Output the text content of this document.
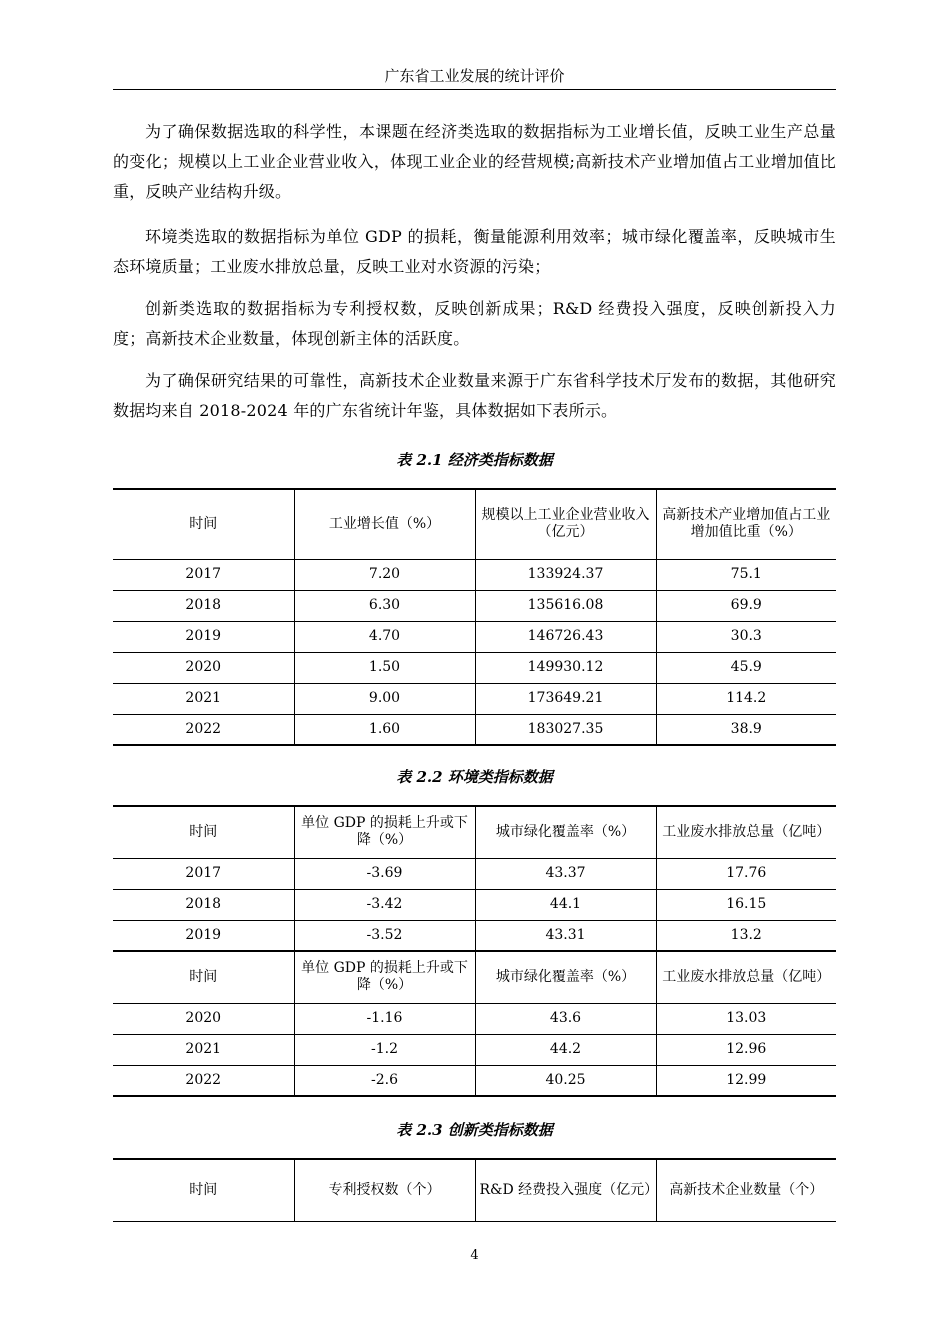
广东省工业发展的统计评价

为了确保数据选取的科学性，本课题在经济类选取的数据指标为工业增长值，反映工业生产总量的变化；规模以上工业企业营业收入，体现工业企业的经营规模;高新技术产业增加值占工业增加值比重，反映产业结构升级。

环境类选取的数据指标为单位 GDP 的损耗，衡量能源利用效率；城市绿化覆盖率，反映城市生态环境质量；工业废水排放总量，反映工业对水资源的污染；

创新类选取的数据指标为专利授权数，反映创新成果；R&D 经费投入强度，反映创新投入力度；高新技术企业数量，体现创新主体的活跃度。

为了确保研究结果的可靠性，高新技术企业数量来源于广东省科学技术厅发布的数据，其他研究数据均来自 2018-2024 年的广东省统计年鉴，具体数据如下表所示。

表 2.1 经济类指标数据
时间	工业增长值（%）	规模以上工业企业营业收入（亿元）	高新技术产业增加值占工业增加值比重（%）
2017	7.20	133924.37	75.1
2018	6.30	135616.08	69.9
2019	4.70	146726.43	30.3
2020	1.50	149930.12	45.9
2021	9.00	173649.21	114.2
2022	1.60	183027.35	38.9
表 2.2 环境类指标数据
时间	单位 GDP 的损耗上升或下降（%）	城市绿化覆盖率（%）	工业废水排放总量（亿吨）
2017	-3.69	43.37	17.76
2018	-3.42	44.1	16.15
2019	-3.52	43.31	13.2
时间	单位 GDP 的损耗上升或下降（%）	城市绿化覆盖率（%）	工业废水排放总量（亿吨）
2020	-1.16	43.6	13.03
2021	-1.2	44.2	12.96
2022	-2.6	40.25	12.99
表 2.3 创新类指标数据
时间	专利授权数（个）	R&D 经费投入强度（亿元）	高新技术企业数量（个）
4
